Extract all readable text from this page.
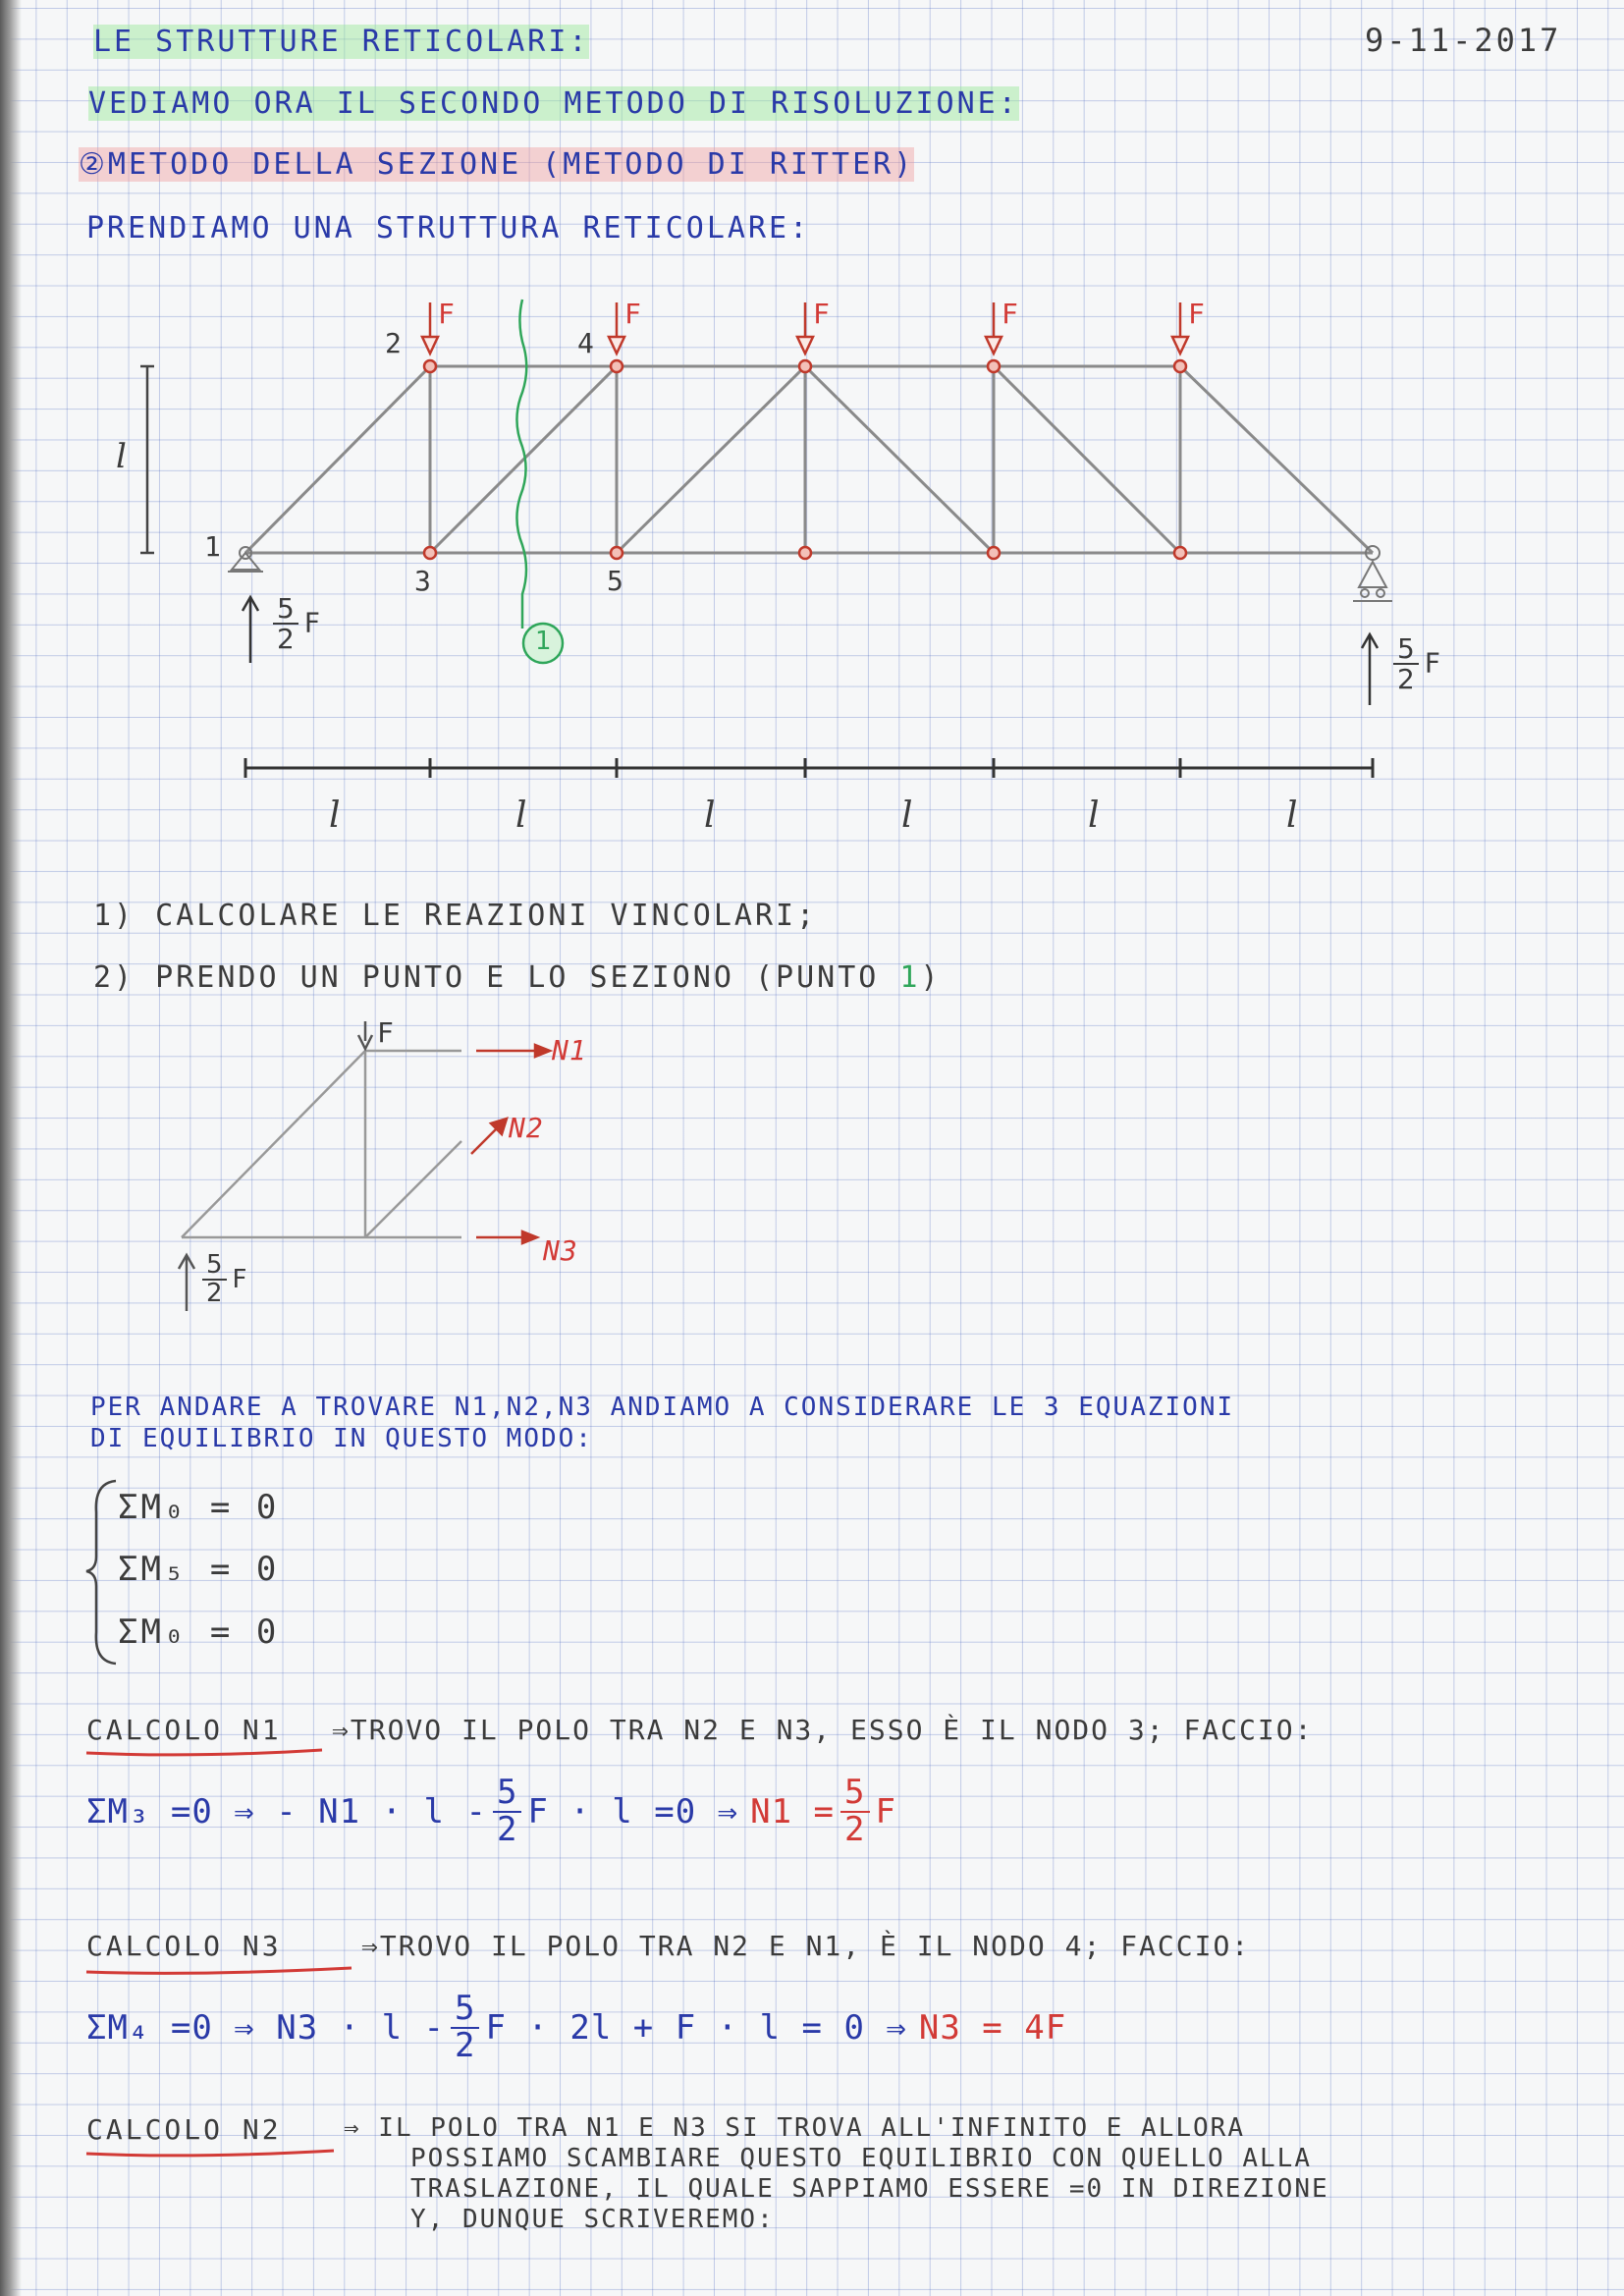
LE STRUTTURE RETICOLARI:	9-11-2017
VEDIAMO ORA IL SECONDO METODO DI RISOLUZIONE:
②METODO DELLA SEZIONE (METODO DI RITTER)
PRENDIAMO UNA STRUTTURA RETICOLARE:
F	F	F	F	F
2	4
1
3	5
l
1
$\frac{5}{2}$ F
$\frac{5}{2}$ F
l	l	l	l	l	l
1) CALCOLARE LE REAZIONI VINCOLARI;
2) PRENDO UN PUNTO E LO SEZIONO (PUNTO 1)
F
N1
N2
N3
$\frac{5}{2}$ F
PER ANDARE A TROVARE N1,N2,N3 ANDIAMO A CONSIDERARE LE 3 EQUAZIONI
DI EQUILIBRIO IN QUESTO MODO:
ΣM₀ = 0
ΣM₅ = 0
ΣM₀ = 0
CALCOLO N1 ⇒TROVO IL POLO TRA N2 E N3, ESSO È IL NODO 3; FACCIO:
ΣM₃ =0 ⇒ - $N1 \cdot l - \frac{5}{2}$ F · l =0 ⇒ $N1 = \frac{5}{2}$ F
CALCOLO N3	⇒TROVO IL POLO TRA N2 E N1, È IL NODO 4; FACCIO:
ΣM₄ =0 ⇒ $N3 \cdot l - \frac{5}{2}$ F · 2l + F · l = 0 ⇒ N3 = 4F
CALCOLO N2 ⇒ IL POLO TRA N1 E N3 SI TROVA ALL'INFINITO E ALLORA
POSSIAMO SCAMBIARE QUESTO EQUILIBRIO CON QUELLO ALLA
TRASLAZIONE, IL QUALE SAPPIAMO ESSERE =0 IN DIREZIONE
Y, DUNQUE SCRIVEREMO:
